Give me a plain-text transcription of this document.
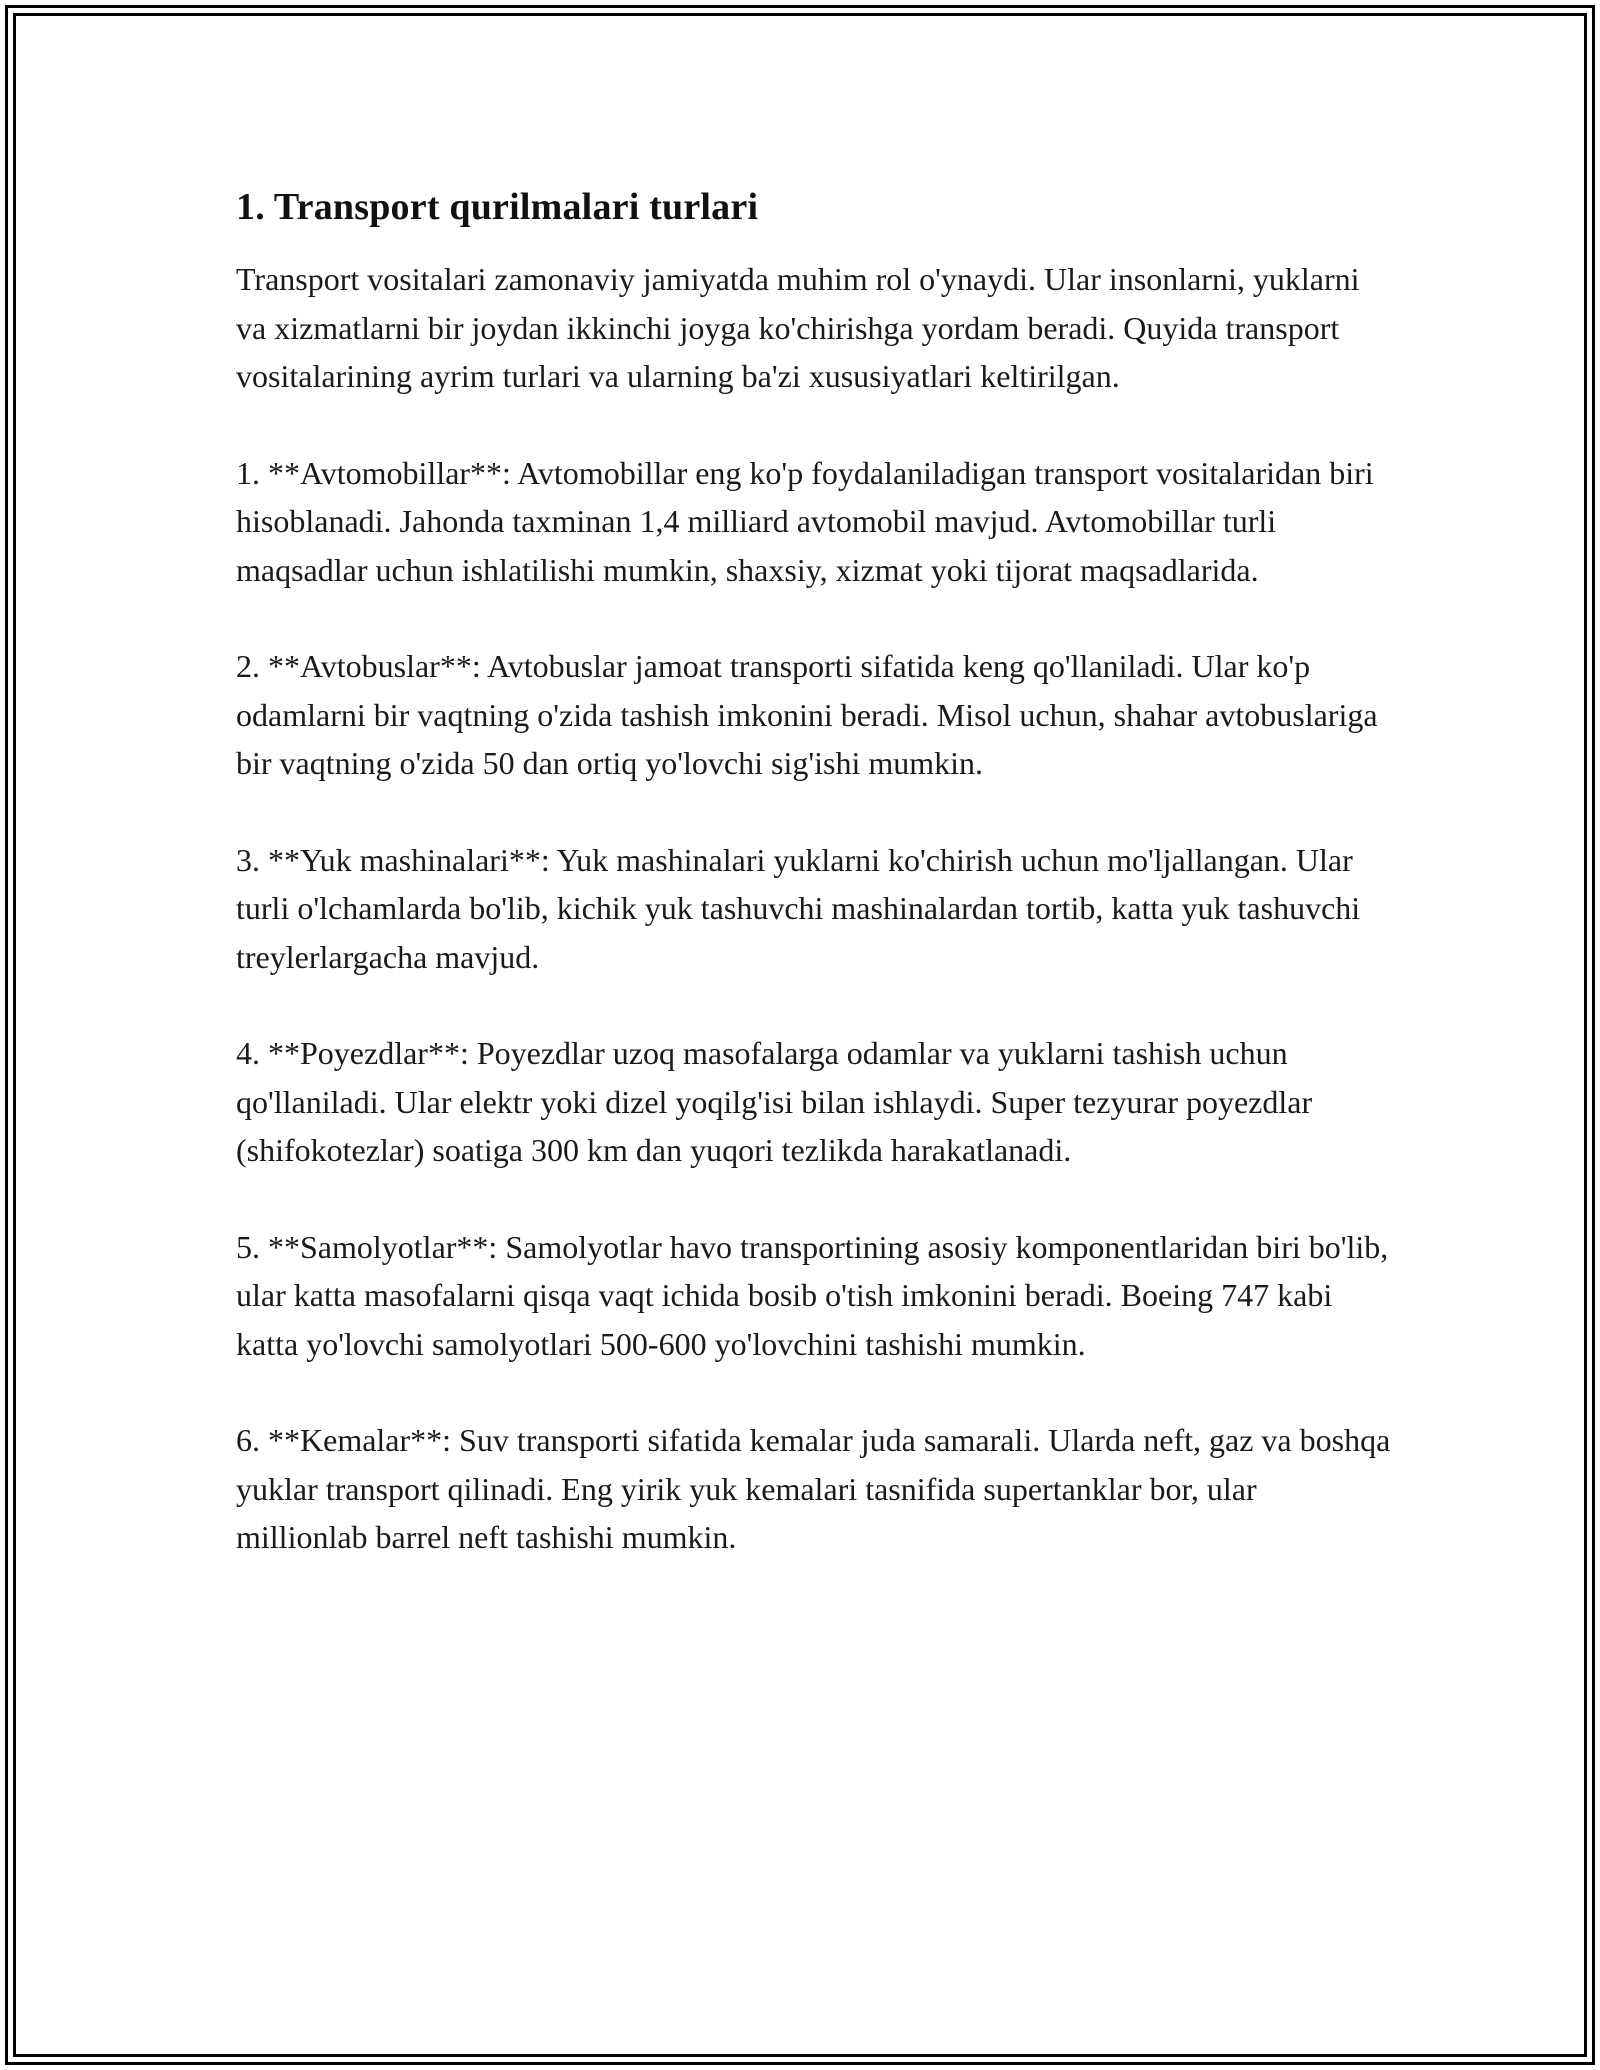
1. Transport qurilmalari turlari

Transport vositalari zamonaviy jamiyatda muhim rol o'ynaydi. Ular insonlarni, yuklarni va xizmatlarni bir joydan ikkinchi joyga ko'chirishga yordam beradi. Quyida transport vositalarining ayrim turlari va ularning ba'zi xususiyatlari keltirilgan.

1. **Avtomobillar**: Avtomobillar eng ko'p foydalaniladigan transport vositalaridan biri hisoblanadi. Jahonda taxminan 1,4 milliard avtomobil mavjud. Avtomobillar turli maqsadlar uchun ishlatilishi mumkin, shaxsiy, xizmat yoki tijorat maqsadlarida.

2. **Avtobuslar**: Avtobuslar jamoat transporti sifatida keng qo'llaniladi. Ular ko'p odamlarni bir vaqtning o'zida tashish imkonini beradi. Misol uchun, shahar avtobuslariga bir vaqtning o'zida 50 dan ortiq yo'lovchi sig'ishi mumkin.

3. **Yuk mashinalari**: Yuk mashinalari yuklarni ko'chirish uchun mo'ljallangan. Ular turli o'lchamlarda bo'lib, kichik yuk tashuvchi mashinalardan tortib, katta yuk tashuvchi treylerlargacha mavjud.

4. **Poyezdlar**: Poyezdlar uzoq masofalarga odamlar va yuklarni tashish uchun qo'llaniladi. Ular elektr yoki dizel yoqilg'isi bilan ishlaydi. Super tezyurar poyezdlar (shifokotezlar) soatiga 300 km dan yuqori tezlikda harakatlanadi.

5. **Samolyotlar**: Samolyotlar havo transportining asosiy komponentlaridan biri bo'lib, ular katta masofalarni qisqa vaqt ichida bosib o'tish imkonini beradi. Boeing 747 kabi katta yo'lovchi samolyotlari 500-600 yo'lovchini tashishi mumkin.

6. **Kemalar**: Suv transporti sifatida kemalar juda samarali. Ularda neft, gaz va boshqa yuklar transport qilinadi. Eng yirik yuk kemalari tasnifida supertanklar bor, ular millionlab barrel neft tashishi mumkin.
